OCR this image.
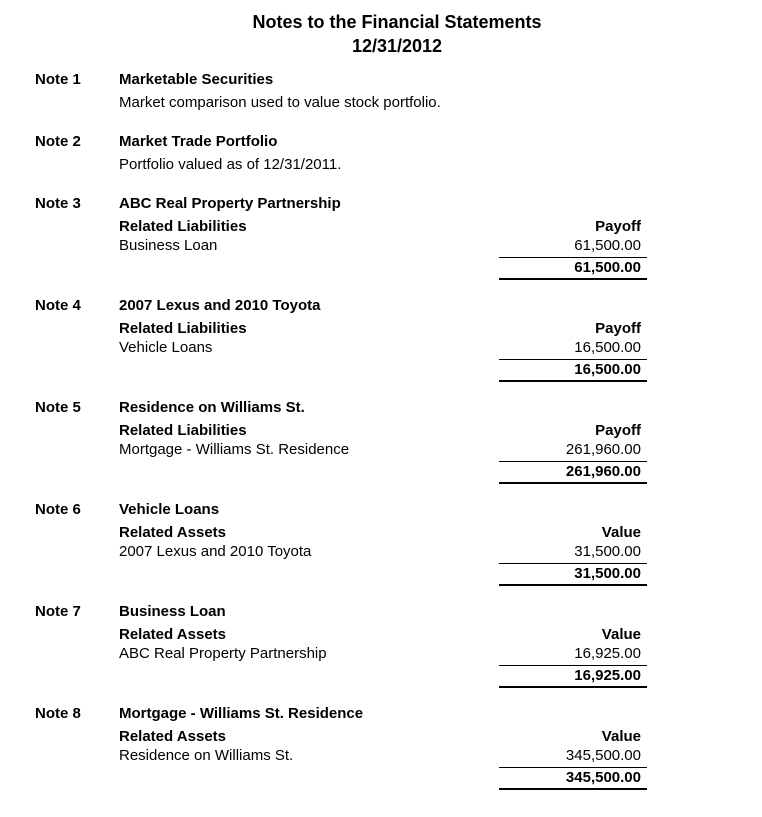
Notes to the Financial Statements
12/31/2012
Note 1	Marketable Securities
Market comparison used to value stock portfolio.
Note 2	Market Trade Portfolio
Portfolio valued as of 12/31/2011.
Note 3	ABC Real Property Partnership
Related Liabilities	Payoff
Business Loan	61,500.00
61,500.00
Note 4	2007 Lexus and 2010 Toyota
Related Liabilities	Payoff
Vehicle Loans	16,500.00
16,500.00
Note 5	Residence on Williams St.
Related Liabilities	Payoff
Mortgage - Williams St. Residence	261,960.00
261,960.00
Note 6	Vehicle Loans
Related Assets	Value
2007 Lexus and 2010 Toyota	31,500.00
31,500.00
Note 7	Business Loan
Related Assets	Value
ABC Real Property Partnership	16,925.00
16,925.00
Note 8	Mortgage - Williams St. Residence
Related Assets	Value
Residence on Williams St.	345,500.00
345,500.00
